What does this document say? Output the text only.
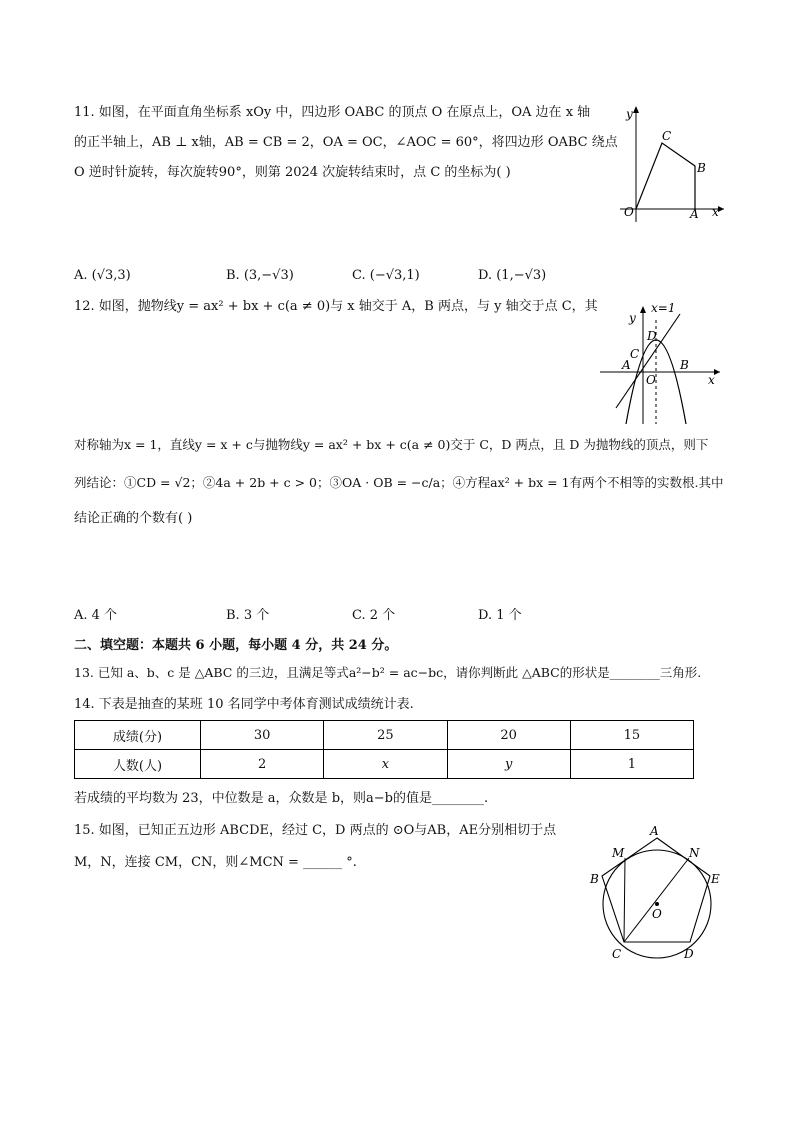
11. 如图，在平面直角坐标系 xOy 中，四边形 OABC 的顶点 O 在原点上，OA 边在 x 轴
的正半轴上，AB ⊥ x轴，AB = CB = 2，OA = OC，∠AOC = 60°，将四边形 OABC 绕点
O 逆时针旋转，每次旋转90°，则第 2024 次旋转结束时，点 C 的坐标为( )
y
x
O	A
B
C
A. (√3,3)	B. (3,−√3)	C. (−√3,1)	D. (1,−√3)
12. 如图，抛物线y = ax² + bx + c(a ≠ 0)与 x 轴交于 A，B 两点，与 y 轴交于点 C，其	x=1
y
x
O
A	B
C
D
对称轴为x = 1，直线y = x + c与抛物线y = ax² + bx + c(a ≠ 0)交于 C，D 两点，且 D 为抛物线的顶点，则下
列结论：①CD = √2；②4a + 2b + c > 0；③OA · OB = −c/a；④方程ax² + bx = 1有两个不相等的实数根.其中
结论正确的个数有( )
A. 4 个	B. 3 个	C. 2 个	D. 1 个
二、填空题：本题共 6 小题，每小题 4 分，共 24 分。
13. 已知 a、b、c 是 △ABC 的三边，且满足等式a²−b² = ac−bc，请你判断此 △ABC的形状是________三角形.
14. 下表是抽查的某班 10 名同学中考体育测试成绩统计表.
成绩(分)	30	25	20	15
人数(人)	2	x	y	1
若成绩的平均数为 23，中位数是 a，众数是 b，则a−b的值是________.
15. 如图，已知正五边形 ABCDE，经过 C，D 两点的 ⊙O与AB，AE分别相切于点
M，N，连接 CM，CN，则∠MCN = ______ °.
A
B
C	D
E
M	N
O
